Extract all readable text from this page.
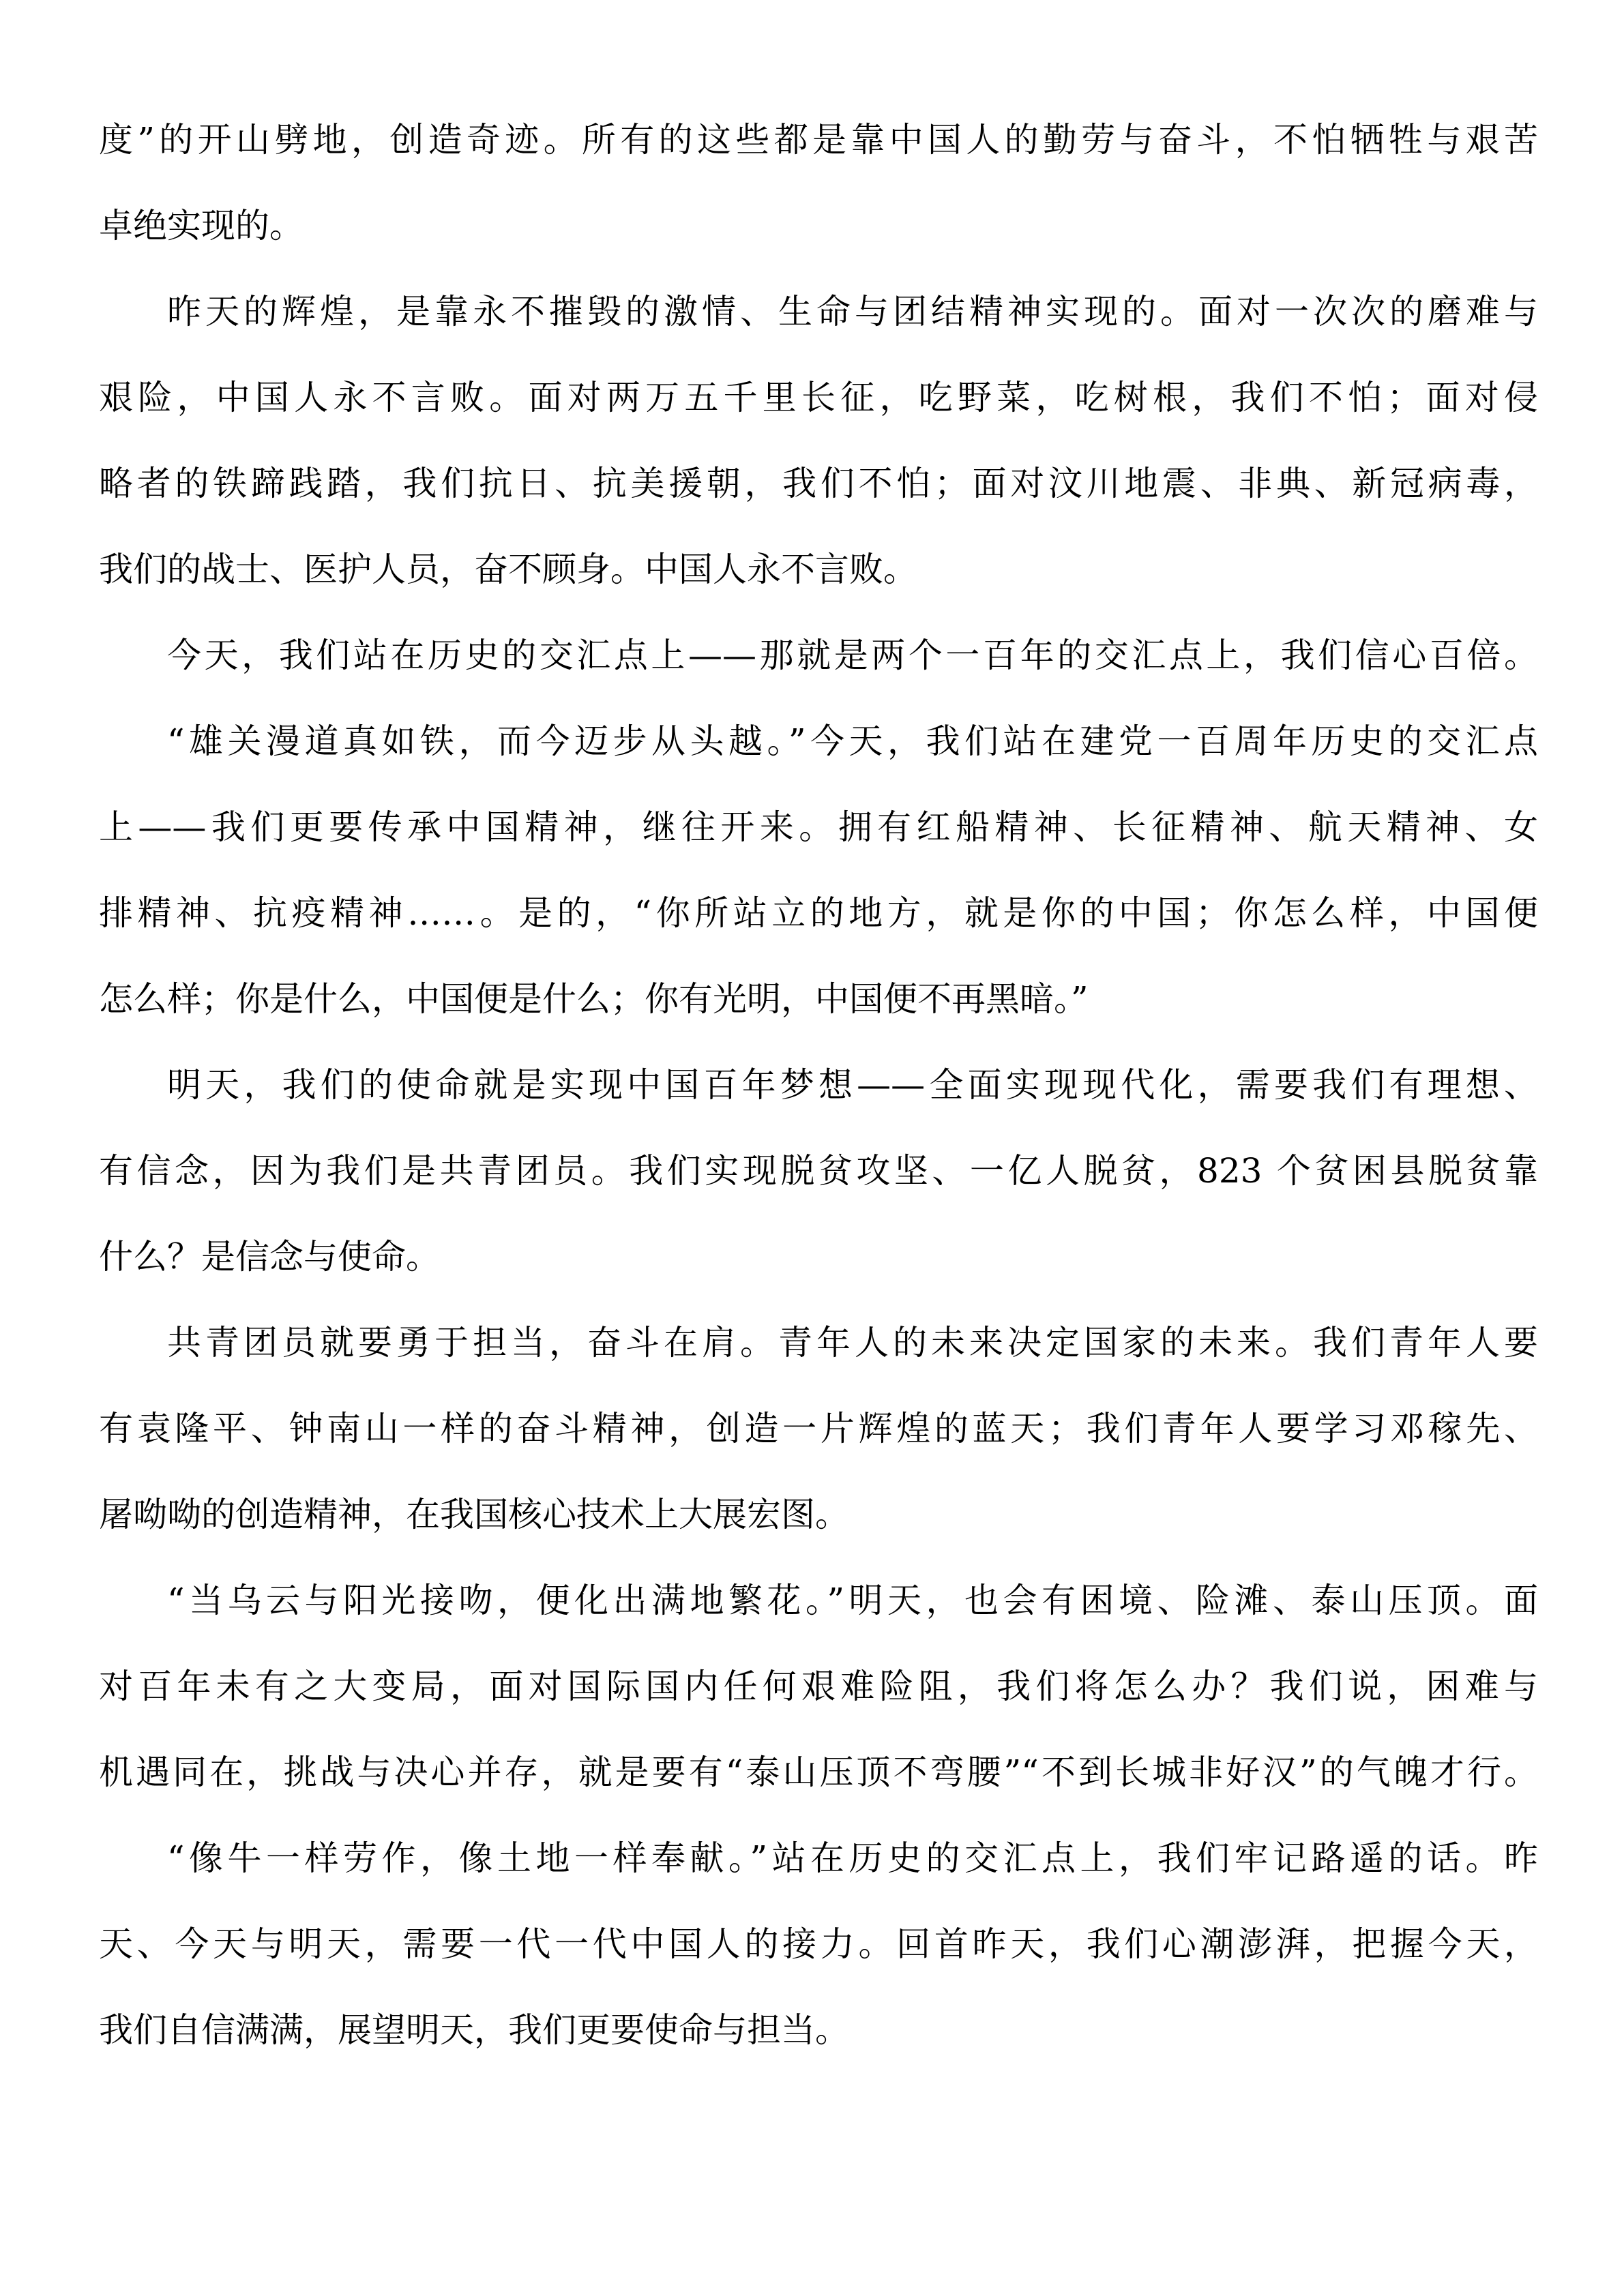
度”的开山劈地，创造奇迹。所有的这些都是靠中国人的勤劳与奋斗，不怕牺牲与艰苦
卓绝实现的。
昨天的辉煌，是靠永不摧毁的激情、生命与团结精神实现的。面对一次次的磨难与
艰险，中国人永不言败。面对两万五千里长征，吃野菜，吃树根，我们不怕；面对侵
略者的铁蹄践踏，我们抗日、抗美援朝，我们不怕；面对汶川地震、非典、新冠病毒，
我们的战士、医护人员，奋不顾身。中国人永不言败。
今天，我们站在历史的交汇点上——那就是两个一百年的交汇点上，我们信心百倍。
“雄关漫道真如铁，而今迈步从头越。”今天，我们站在建党一百周年历史的交汇点
上——我们更要传承中国精神，继往开来。拥有红船精神、长征精神、航天精神、女
排精神、抗疫精神……。是的，“你所站立的地方，就是你的中国；你怎么样，中国便
怎么样；你是什么，中国便是什么；你有光明，中国便不再黑暗。”
明天，我们的使命就是实现中国百年梦想——全面实现现代化，需要我们有理想、
有信念，因为我们是共青团员。我们实现脱贫攻坚、一亿人脱贫，823 个贫困县脱贫靠
什么？是信念与使命。
共青团员就要勇于担当，奋斗在肩。青年人的未来决定国家的未来。我们青年人要
有袁隆平、钟南山一样的奋斗精神，创造一片辉煌的蓝天；我们青年人要学习邓稼先、
屠呦呦的创造精神，在我国核心技术上大展宏图。
“当乌云与阳光接吻，便化出满地繁花。”明天，也会有困境、险滩、泰山压顶。面
对百年未有之大变局，面对国际国内任何艰难险阻，我们将怎么办？我们说，困难与
机遇同在，挑战与决心并存，就是要有“泰山压顶不弯腰”“不到长城非好汉”的气魄才行。
“像牛一样劳作，像土地一样奉献。”站在历史的交汇点上，我们牢记路遥的话。昨
天、今天与明天，需要一代一代中国人的接力。回首昨天，我们心潮澎湃，把握今天，
我们自信满满，展望明天，我们更要使命与担当。
